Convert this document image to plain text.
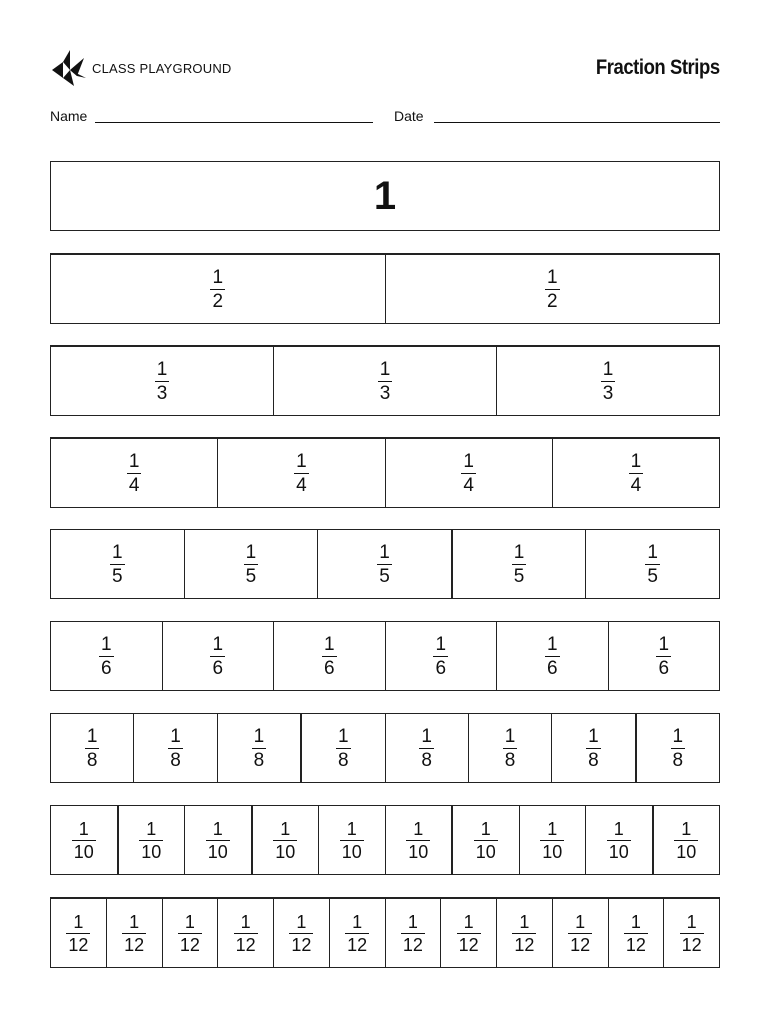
CLASS PLAYGROUND	Fraction Strips
Name	Date
1
$\frac{1}{2}$	$\frac{1}{2}$
$\frac{1}{3}$	$\frac{1}{3}$	$\frac{1}{3}$
$\frac{1}{4}$	$\frac{1}{4}$	$\frac{1}{4}$	$\frac{1}{4}$
$\frac{1}{5}$	$\frac{1}{5}$	$\frac{1}{5}$	$\frac{1}{5}$	$\frac{1}{5}$
$\frac{1}{6}$	$\frac{1}{6}$	$\frac{1}{6}$	$\frac{1}{6}$	$\frac{1}{6}$	$\frac{1}{6}$
$\frac{1}{8}$	$\frac{1}{8}$	$\frac{1}{8}$	$\frac{1}{8}$	$\frac{1}{8}$	$\frac{1}{8}$	$\frac{1}{8}$	$\frac{1}{8}$
$\frac{1}{10} \frac{1}{10} \frac{1}{10} \frac{1}{10} \frac{1}{10} \frac{1}{10} \frac{1}{10} \frac{1}{10} \frac{1}{10} \frac{1}{10}$
$\frac{1}{12} \frac{1}{12} \frac{1}{12} \frac{1}{12} \frac{1}{12} \frac{1}{12} \frac{1}{12} \frac{1}{12} \frac{1}{12} \frac{1}{12} \frac{1}{12} \frac{1}{12}$
